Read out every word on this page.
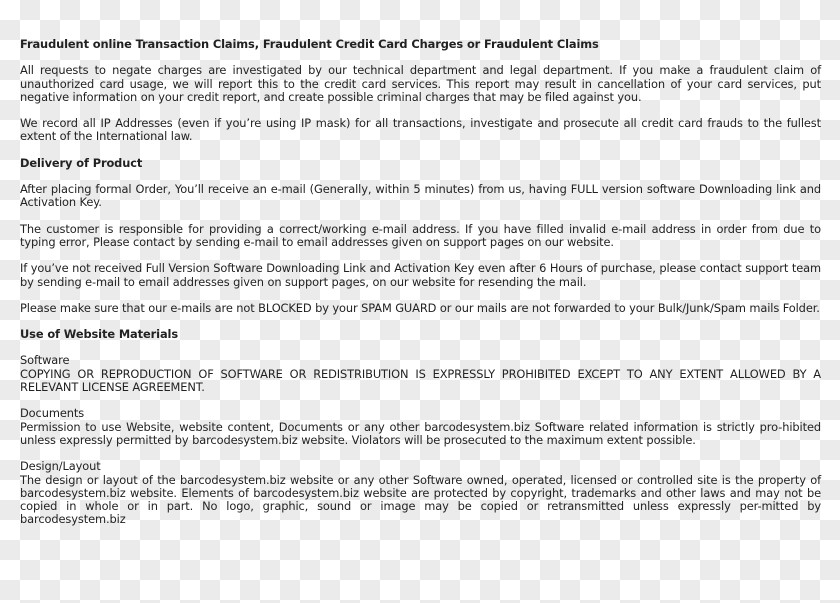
Fraudulent online Transaction Claims, Fraudulent Credit Card Charges or Fraudulent Claims

All requests to negate charges are investigated by our technical department and legal department. If you make a fraudulent claim of unauthorized card usage, we will report this to the credit card services. This report may result in cancellation of your card services, put negative information on your credit report, and create possible criminal charges that may be filed against you.

We record all IP Addresses (even if you’re using IP mask) for all transactions, investigate and prosecute all credit card frauds to the fullest extent of the International law.

Delivery of Product

After placing formal Order, You’ll receive an e-mail (Generally, within 5 minutes) from us, having FULL version software Downloading link and Activation Key.

The customer is responsible for providing a correct/working e-mail address. If you have filled invalid e-mail address in order from due to typing error, Please contact by sending e-mail to email addresses given on support pages on our website.

If you’ve not received Full Version Software Downloading Link and Activation Key even after 6 Hours of purchase, please contact support team by sending e-mail to email addresses given on support pages, on our website for resending the mail.

Please make sure that our e-mails are not BLOCKED by your SPAM GUARD or our mails are not forwarded to your Bulk/Junk/Spam mails Folder.

Use of Website Materials
Software

COPYING OR REPRODUCTION OF SOFTWARE OR REDISTRIBUTION IS EXPRESSLY PROHIBITED EXCEPT TO ANY EXTENT ALLOWED BY A RELEVANT LICENSE AGREEMENT.

Documents

Permission to use Website, website content, Documents or any other barcodesystem.biz Software related information is strictly pro-hibited unless expressly permitted by barcodesystem.biz website. Violators will be prosecuted to the maximum extent possible.

Design/Layout

The design or layout of the barcodesystem.biz website or any other Software owned, operated, licensed or controlled site is the property of barcodesystem.biz website. Elements of barcodesystem.biz website are protected by copyright, trademarks and other laws and may not be copied in whole or in part. No logo, graphic, sound or image may be copied or retransmitted unless expressly per-mitted by barcodesystem.biz
